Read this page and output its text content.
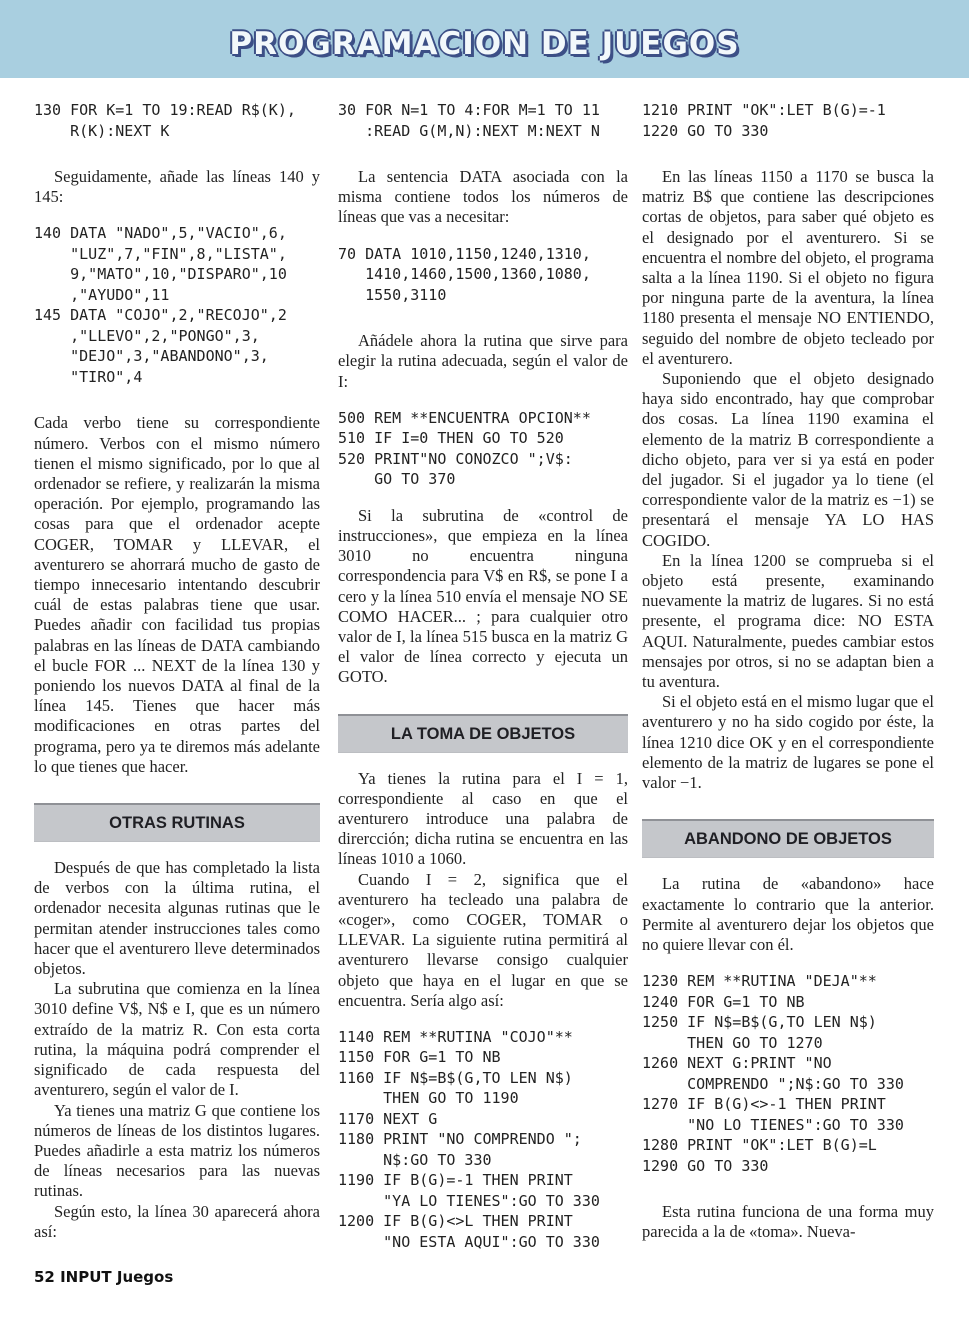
PROGRAMACION DE JUEGOS
130 FOR K=1 TO 19:READ R$(K),
R(K):NEXT K

Seguidamente, añade las líneas 140 y 145:

140 DATA "NADO",5,"VACIO",6,
"LUZ",7,"FIN",8,"LISTA",
9,"MATO",10,"DISPARO",10
,"AYUDO",11
145 DATA "COJO",2,"RECOJO",2
,"LLEVO",2,"PONGO",3,
"DEJO",3,"ABANDONO",3,
"TIRO",4

Cada verbo tiene su correspondiente número. Verbos con el mismo número tienen el mismo significado, por lo que al ordenador se refiere, y realizarán la misma operación. Por ejemplo, programando las cosas para que el ordenador acepte COGER, TOMAR y LLEVAR, el aventurero se ahorrará mucho de gasto de tiempo innecesario intentando descubrir cuál de estas palabras tiene que usar. Puedes añadir con facilidad tus propias palabras en las líneas de DATA cambiando el bucle FOR ... NEXT de la línea 130 y poniendo los nuevos DATA al final de la línea 145. Tienes que hacer más modificaciones en otras partes del programa, pero ya te diremos más adelante lo que tienes que hacer.

OTRAS RUTINAS

Después de que has completado la lista de verbos con la última rutina, el ordenador necesita algunas rutinas que le permitan atender instrucciones tales como hacer que el aventurero lleve determinados objetos.

La subrutina que comienza en la línea 3010 define V$, N$ e I, que es un número extraído de la matriz R. Con esta corta rutina, la máquina podrá comprender el significado de cada respuesta del aventurero, según el valor de I.

Ya tienes una matriz G que contiene los números de líneas de los distintos lugares. Puedes añadirle a esta matriz los números de líneas necesarios para las nuevas rutinas.

Según esto, la línea 30 aparecerá ahora así:

30 FOR N=1 TO 4:FOR M=1 TO 11
:READ G(M,N):NEXT M:NEXT N

La sentencia DATA asociada con la misma contiene todos los números de líneas que vas a necesitar:

70 DATA 1010,1150,1240,1310,
1410,1460,1500,1360,1080,
1550,3110

Añádele ahora la rutina que sirve para elegir la rutina adecuada, según el valor de I:

500 REM **ENCUENTRA OPCION**
510 IF I=0 THEN GO TO 520
520 PRINT"NO CONOZCO ";V$:
GO TO 370

Si la subrutina de «control de instrucciones», que empieza en la línea 3010 no encuentra ninguna correspondencia para V$ en R$, se pone I a cero y la línea 510 envía el mensaje NO SE COMO HACER... ; para cualquier otro valor de I, la línea 515 busca en la matriz G el valor de línea correcto y ejecuta un GOTO.

LA TOMA DE OBJETOS

Ya tienes la rutina para el I = 1, correspondiente al caso en que el aventurero introduce una palabra de dirercción; dicha rutina se encuentra en las líneas 1010 a 1060.

Cuando I = 2, significa que el aventurero ha tecleado una palabra de «coger», como COGER, TOMAR o LLEVAR. La siguiente rutina permitirá al aventurero llevarse consigo cualquier objeto que haya en el lugar en que se encuentra. Sería algo así:

1140 REM **RUTINA "COJO"**
1150 FOR G=1 TO NB
1160 IF N$=B$(G,TO LEN N$)
THEN GO TO 1190
1170 NEXT G
1180 PRINT "NO COMPRENDO ";
N$:GO TO 330
1190 IF B(G)=-1 THEN PRINT
"YA LO TIENES":GO TO 330
1200 IF B(G)<>L THEN PRINT
"NO ESTA AQUI":GO TO 330
1210 PRINT "OK":LET B(G)=-1
1220 GO TO 330

En las líneas 1150 a 1170 se busca la matriz B$ que contiene las descripciones cortas de objetos, para saber qué objeto es el designado por el aventurero. Si se encuentra el nombre del objeto, el programa salta a la línea 1190. Si el objeto no figura por ninguna parte de la aventura, la línea 1180 presenta el mensaje NO ENTIENDO, seguido del nombre de objeto tecleado por el aventurero.

Suponiendo que el objeto designado haya sido encontrado, hay que comprobar dos cosas. La línea 1190 examina el elemento de la matriz B correspondiente a dicho objeto, para ver si ya está en poder del jugador. Si el jugador ya lo tiene (el correspondiente valor de la matriz es −1) se presentará el mensaje YA LO HAS COGIDO.

En la línea 1200 se comprueba si el objeto está presente, examinando nuevamente la matriz de lugares. Si no está presente, el programa dice: NO ESTA AQUI. Naturalmente, puedes cambiar estos mensajes por otros, si no se adaptan bien a tu aventura.

Si el objeto está en el mismo lugar que el aventurero y no ha sido cogido por éste, la línea 1210 dice OK y en el correspondiente elemento de la matriz de lugares se pone el valor −1.

ABANDONO DE OBJETOS

La rutina de «abandono» hace exactamente lo contrario que la anterior. Permite al aventurero dejar los objetos que no quiere llevar con él.

1230 REM **RUTINA "DEJA"**
1240 FOR G=1 TO NB
1250 IF N$=B$(G,TO LEN N$)
THEN GO TO 1270
1260 NEXT G:PRINT "NO
COMPRENDO ";N$:GO TO 330
1270 IF B(G)<>-1 THEN PRINT
"NO LO TIENES":GO TO 330
1280 PRINT "OK":LET B(G)=L
1290 GO TO 330

Esta rutina funciona de una forma muy parecida a la de «toma». Nueva-

52 INPUT Juegos
